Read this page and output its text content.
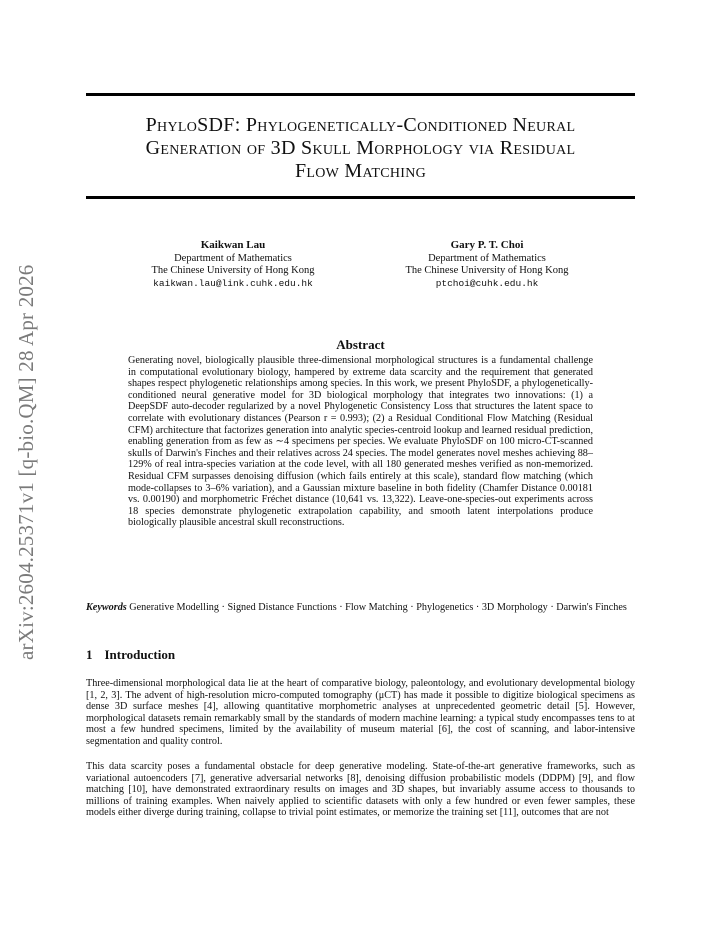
arXiv:2604.25371v1 [q-bio.QM] 28 Apr 2026
PhyloSDF: Phylogenetically-Conditioned Neural
Generation of 3D Skull Morphology via Residual
Flow Matching
Kaikwan Lau
Department of Mathematics
The Chinese University of Hong Kong
kaikwan.lau@link.cuhk.edu.hk
Gary P. T. Choi
Department of Mathematics
The Chinese University of Hong Kong
ptchoi@cuhk.edu.hk
Abstract
Generating novel, biologically plausible three-dimensional morphological structures is a fundamental challenge in computational evolutionary biology, hampered by extreme data scarcity and the requirement that generated shapes respect phylogenetic relationships among species. In this work, we present PhyloSDF, a phylogenetically-conditioned neural generative model for 3D biological morphology that integrates two innovations: (1) a DeepSDF auto-decoder regularized by a novel Phylogenetic Consistency Loss that structures the latent space to correlate with evolutionary distances (Pearson r = 0.993); (2) a Residual Conditional Flow Matching (Residual CFM) architecture that factorizes generation into analytic species-centroid lookup and learned residual prediction, enabling generation from as few as ∼4 specimens per species. We evaluate PhyloSDF on 100 micro-CT-scanned skulls of Darwin's Finches and their relatives across 24 species. The model generates novel meshes achieving 88–129% of real intra-species variation at the code level, with all 180 generated meshes verified as non-memorized. Residual CFM surpasses denoising diffusion (which fails entirely at this scale), standard flow matching (which mode-collapses to 3–6% variation), and a Gaussian mixture baseline in both fidelity (Chamfer Distance 0.00181 vs. 0.00190) and morphometric Fréchet distance (10,641 vs. 13,322). Leave-one-species-out experiments across 18 species demonstrate phylogenetic extrapolation capability, and smooth latent interpolations produce biologically plausible ancestral skull reconstructions.
Keywords Generative Modelling · Signed Distance Functions · Flow Matching · Phylogenetics · 3D Morphology · Darwin's Finches
1 Introduction
Three-dimensional morphological data lie at the heart of comparative biology, paleontology, and evolutionary developmental biology [1, 2, 3]. The advent of high-resolution micro-computed tomography (μCT) has made it possible to digitize biological specimens as dense 3D surface meshes [4], allowing quantitative morphometric analyses at unprecedented geometric detail [5]. However, morphological datasets remain remarkably small by the standards of modern machine learning: a typical study encompasses tens to at most a few hundred specimens, limited by the availability of museum material [6], the cost of scanning, and labor-intensive segmentation and quality control.
This data scarcity poses a fundamental obstacle for deep generative modeling. State-of-the-art generative frameworks, such as variational autoencoders [7], generative adversarial networks [8], denoising diffusion probabilistic models (DDPM) [9], and flow matching [10], have demonstrated extraordinary results on images and 3D shapes, but invariably assume access to thousands to millions of training examples. When naively applied to scientific datasets with only a few hundred or even fewer samples, these models either diverge during training, collapse to trivial point estimates, or memorize the training set [11], outcomes that are not
